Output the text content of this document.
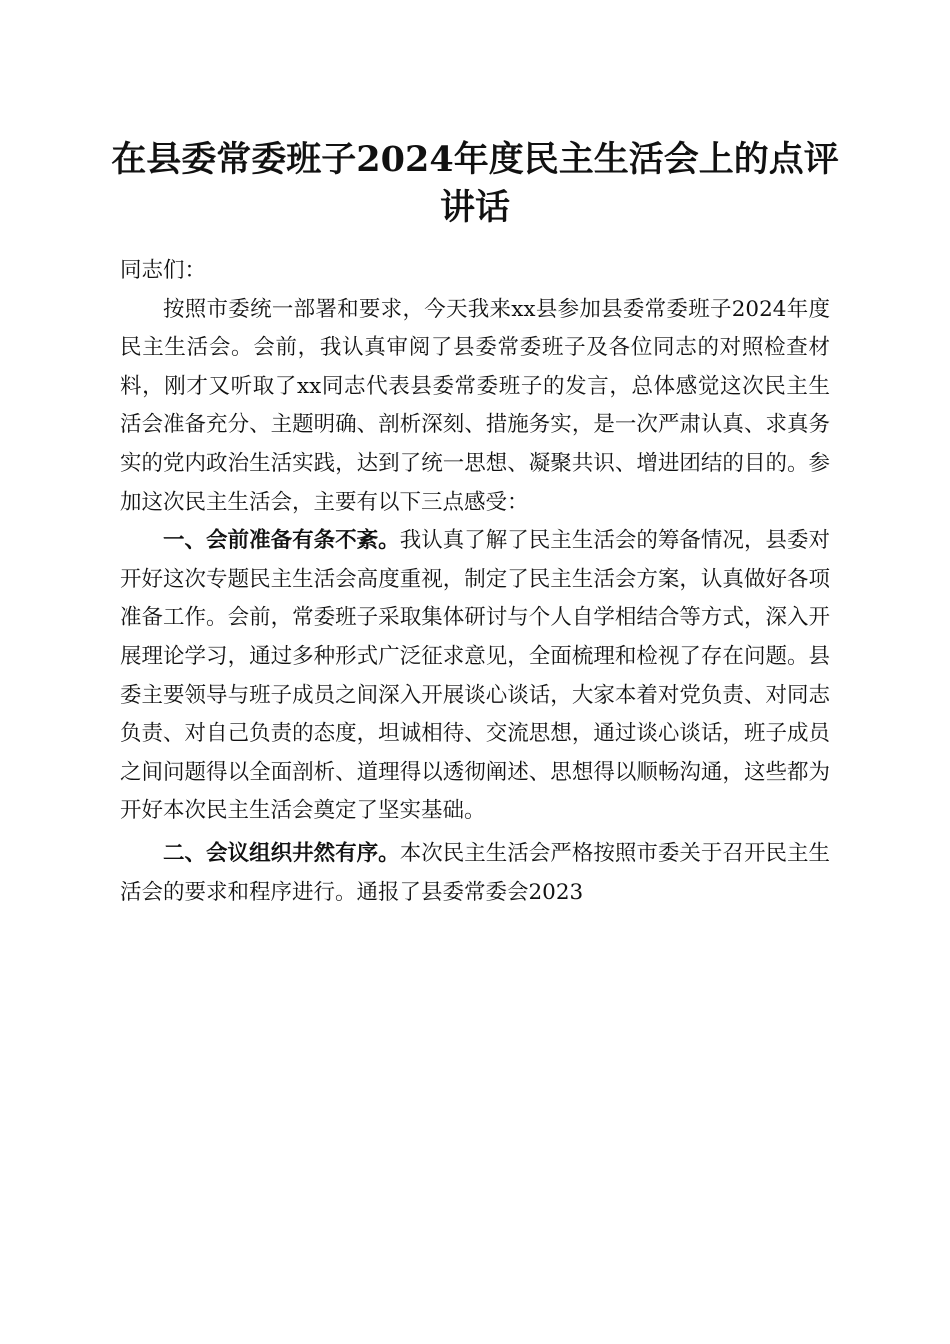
在县委常委班子2024年度民主生活会上的点评讲话

同志们：

按照市委统一部署和要求，今天我来xx县参加县委常委班子2024年度民主生活会。会前，我认真审阅了县委常委班子及各位同志的对照检查材料，刚才又听取了xx同志代表县委常委班子的发言，总体感觉这次民主生活会准备充分、主题明确、剖析深刻、措施务实，是一次严肃认真、求真务实的党内政治生活实践，达到了统一思想、凝聚共识、增进团结的目的。参加这次民主生活会，主要有以下三点感受：

一、会前准备有条不紊。我认真了解了民主生活会的筹备情况，县委对开好这次专题民主生活会高度重视，制定了民主生活会方案，认真做好各项准备工作。会前，常委班子采取集体研讨与个人自学相结合等方式，深入开展理论学习，通过多种形式广泛征求意见，全面梳理和检视了存在问题。县委主要领导与班子成员之间深入开展谈心谈话，大家本着对党负责、对同志负责、对自己负责的态度，坦诚相待、交流思想，通过谈心谈话，班子成员之间问题得以全面剖析、道理得以透彻阐述、思想得以顺畅沟通，这些都为开好本次民主生活会奠定了坚实基础。

二、会议组织井然有序。本次民主生活会严格按照市委关于召开民主生活会的要求和程序进行。通报了县委常委会2023
